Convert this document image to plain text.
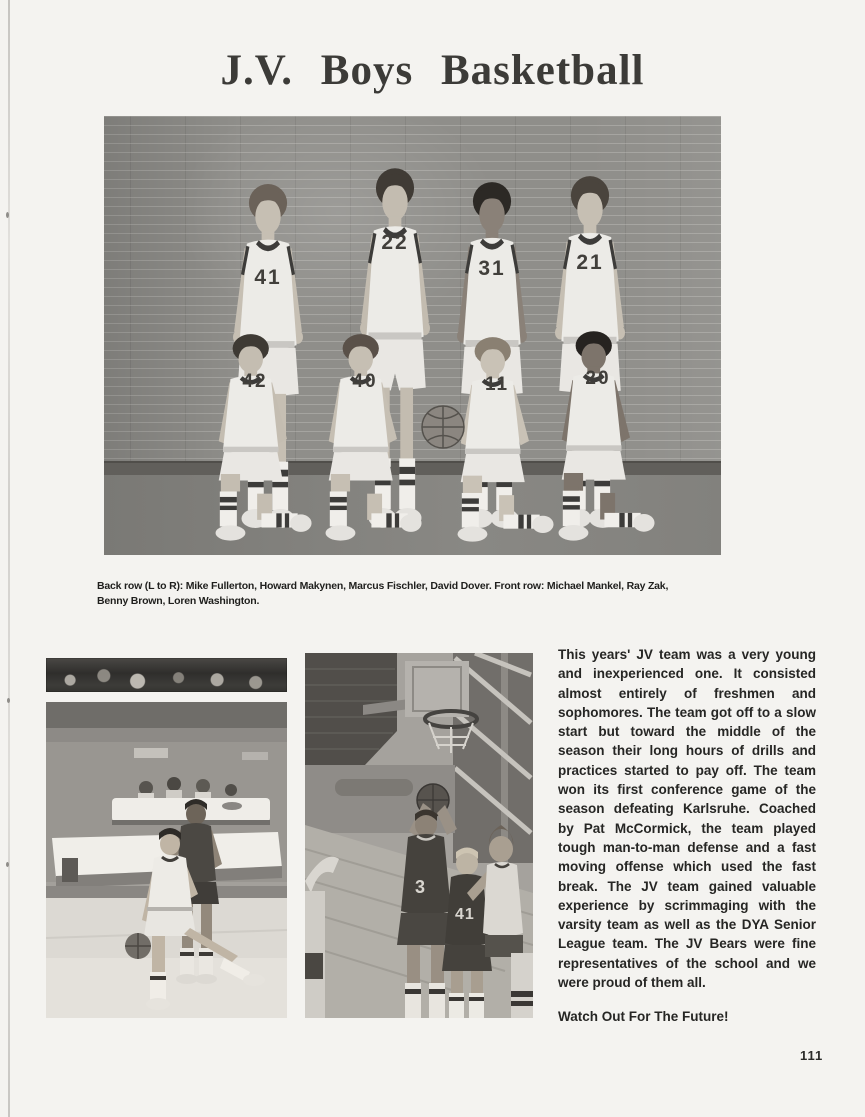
J.V. Boys Basketball
41
22
31	21
42	40	11	20

Back row (L to R): Mike Fullerton, Howard Makynen, Marcus Fischler, David Dover. Front row: Michael Mankel, Ray Zak,
Benny Brown, Loren Washington.

3
41

This years' JV team was a very young and inexperienced one. It consisted almost entirely of freshmen and sophomores. The team got off to a slow start but toward the middle of the season their long hours of drills and practices started to pay off. The team won its first conference game of the season defeating Karlsruhe. Coached by Pat McCormick, the team played tough man-to-man defense and a fast moving offense which used the fast break. The JV team gained valuable experience by scrimmaging with the varsity team as well as the DYA Senior League team. The JV Bears were fine representatives of the school and we were proud of them all.

Watch Out For The Future!

111
